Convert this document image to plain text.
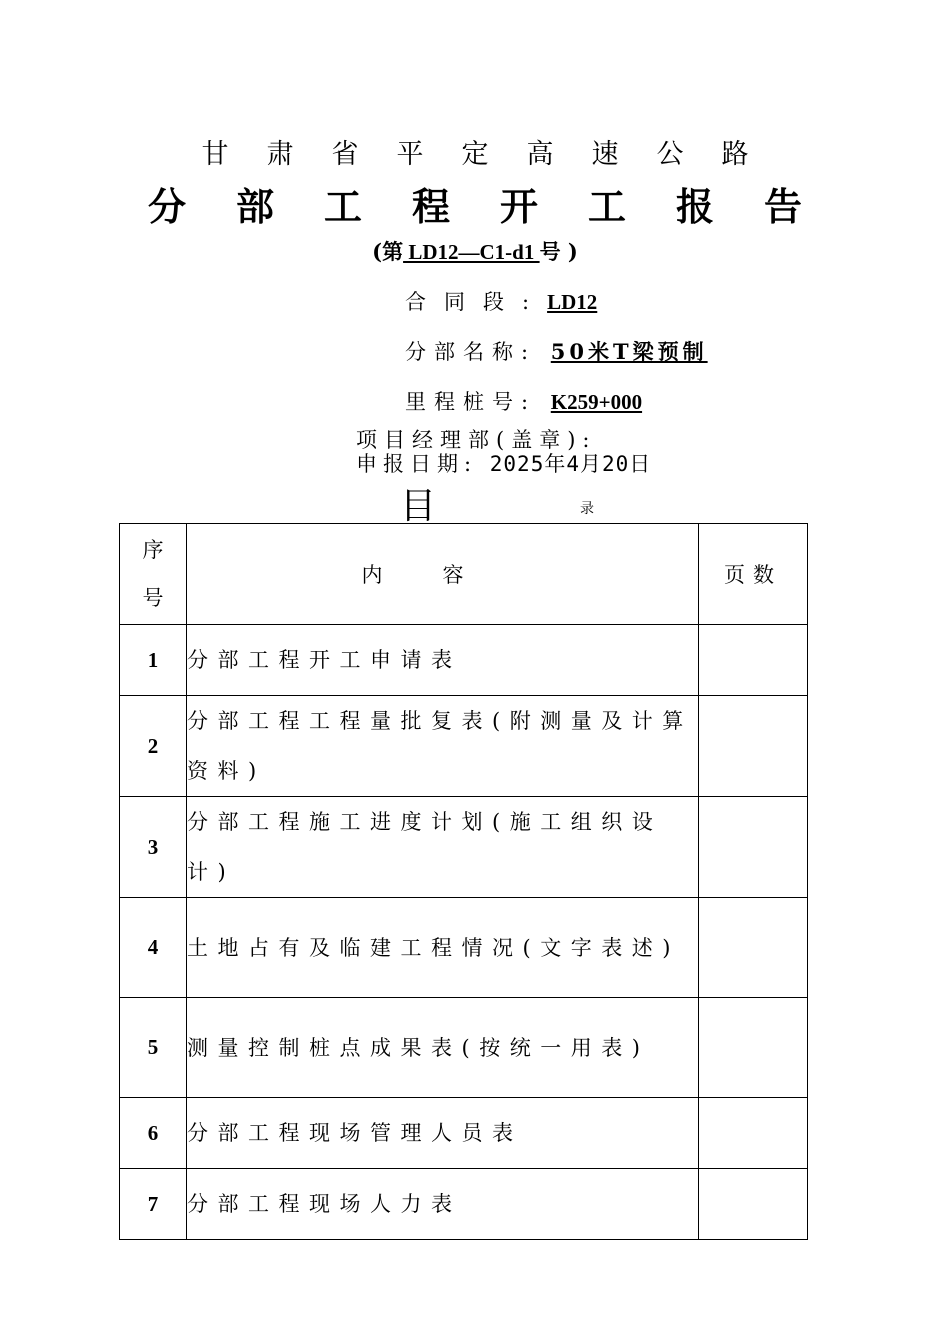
甘肃省平定高速公路
分部工程开工报告
(第 LD12—C1-d1 号 )
合同段:LD12
分部名称: 50米T梁预制
里程桩号: K259+000
项目经理部(盖章):
申报日期: 2025年4月20日
目	录
序号	内容	页数
1	分部工程开工申请表	
2	分部工程工程量批复表(附测量及计算资料)	
3	分部工程施工进度计划(施工组织设计)	
4	土地占有及临建工程情况(文字表述)	
5	测量控制桩点成果表(按统一用表)	
6	分部工程现场管理人员表	
7	分部工程现场人力表	
